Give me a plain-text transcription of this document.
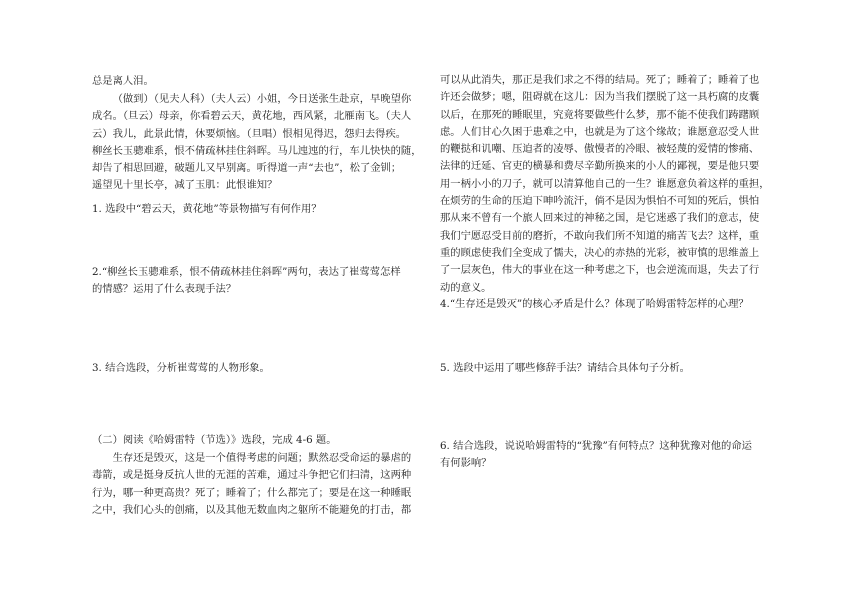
总是离人泪。
（做到）（见夫人科）（夫人云）小姐，今日送张生赴京，早晚望你
成名。（旦云）母亲，你看碧云天，黄花地，西风紧，北雁南飞。（夫人
云）我儿，此景此情，休要烦恼。（旦唱）恨相见得迟，怨归去得疾。
柳丝长玉骢难系，恨不倩疏林挂住斜晖。马儿迍迍的行，车儿快快的随，
却告了相思回避，破题儿又早别离。听得道一声“去也”，松了金钏；
遥望见十里长亭，减了玉肌：此恨谁知？
1. 选段中“碧云天，黄花地”等景物描写有何作用？
2.“柳丝长玉骢难系，恨不倩疏林挂住斜晖”两句，表达了崔莺莺怎样
的情感？运用了什么表现手法？
3. 结合选段，分析崔莺莺的人物形象。
（二）阅读《哈姆雷特（节选）》选段，完成 4-6 题。
生存还是毁灭，这是一个值得考虑的问题；默然忍受命运的暴虐的
毒箭，或是挺身反抗人世的无涯的苦难，通过斗争把它们扫清，这两种
行为，哪一种更高贵？死了；睡着了；什么都完了；要是在这一种睡眠
之中，我们心头的创痛，以及其他无数血肉之躯所不能避免的打击，都
可以从此消失，那正是我们求之不得的结局。死了；睡着了；睡着了也
许还会做梦；嗯，阻碍就在这儿：因为当我们摆脱了这一具朽腐的皮囊
以后，在那死的睡眠里，究竟将要做些什么梦，那不能不使我们踌躇顾
虑。人们甘心久困于患难之中，也就是为了这个缘故；谁愿意忍受人世
的鞭挞和讥嘲、压迫者的凌辱、傲慢者的冷眼、被轻蔑的爱情的惨痛、
法律的迁延、官吏的横暴和费尽辛勤所换来的小人的鄙视，要是他只要
用一柄小小的刀子，就可以清算他自己的一生？谁愿意负着这样的重担，
在烦劳的生命的压迫下呻吟流汗，倘不是因为惧怕不可知的死后，惧怕
那从来不曾有一个旅人回来过的神秘之国，是它迷惑了我们的意志，使
我们宁愿忍受目前的磨折，不敢向我们所不知道的痛苦飞去？这样，重
重的顾虑使我们全变成了懦夫，决心的赤热的光彩，被审慎的思维盖上
了一层灰色，伟大的事业在这一种考虑之下，也会逆流而退，失去了行
动的意义。
4.“生存还是毁灭”的核心矛盾是什么？体现了哈姆雷特怎样的心理？
5. 选段中运用了哪些修辞手法？请结合具体句子分析。
6. 结合选段，说说哈姆雷特的“犹豫”有何特点？这种犹豫对他的命运
有何影响？
